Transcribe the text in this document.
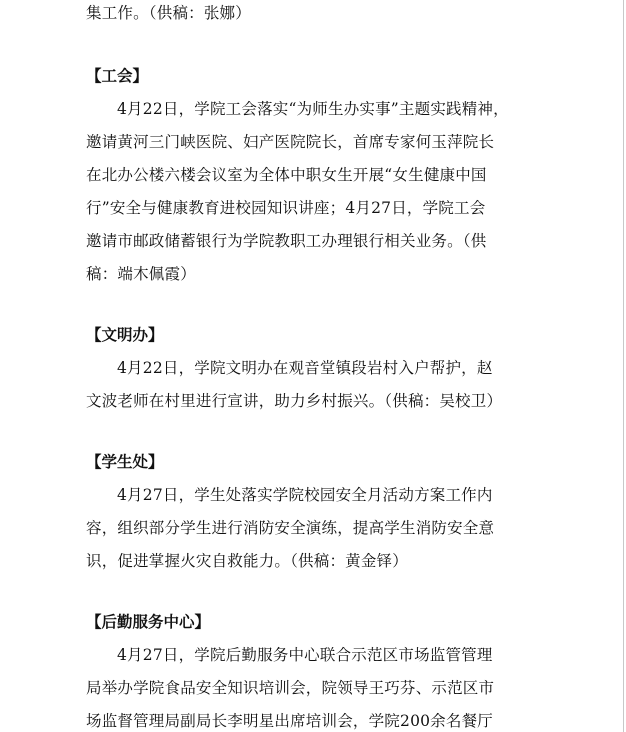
集工作。（供稿：张娜）
【工会】
4月22日，学院工会落实“为师生办实事”主题实践精神，
邀请黄河三门峡医院、妇产医院院长，首席专家何玉萍院长
在北办公楼六楼会议室为全体中职女生开展“女生健康中国
行”安全与健康教育进校园知识讲座；4月27日，学院工会
邀请市邮政储蓄银行为学院教职工办理银行相关业务。（供
稿：端木佩霞）
【文明办】
4月22日，学院文明办在观音堂镇段岩村入户帮护，赵
文波老师在村里进行宣讲，助力乡村振兴。（供稿：吴校卫）
【学生处】
4月27日，学生处落实学院校园安全月活动方案工作内
容，组织部分学生进行消防安全演练，提高学生消防安全意
识，促进掌握火灾自救能力。（供稿：黄金铎）
【后勤服务中心】
4月27日，学院后勤服务中心联合示范区市场监管管理
局举办学院食品安全知识培训会，院领导王巧芬、示范区市
场监督管理局副局长李明星出席培训会，学院200余名餐厅
